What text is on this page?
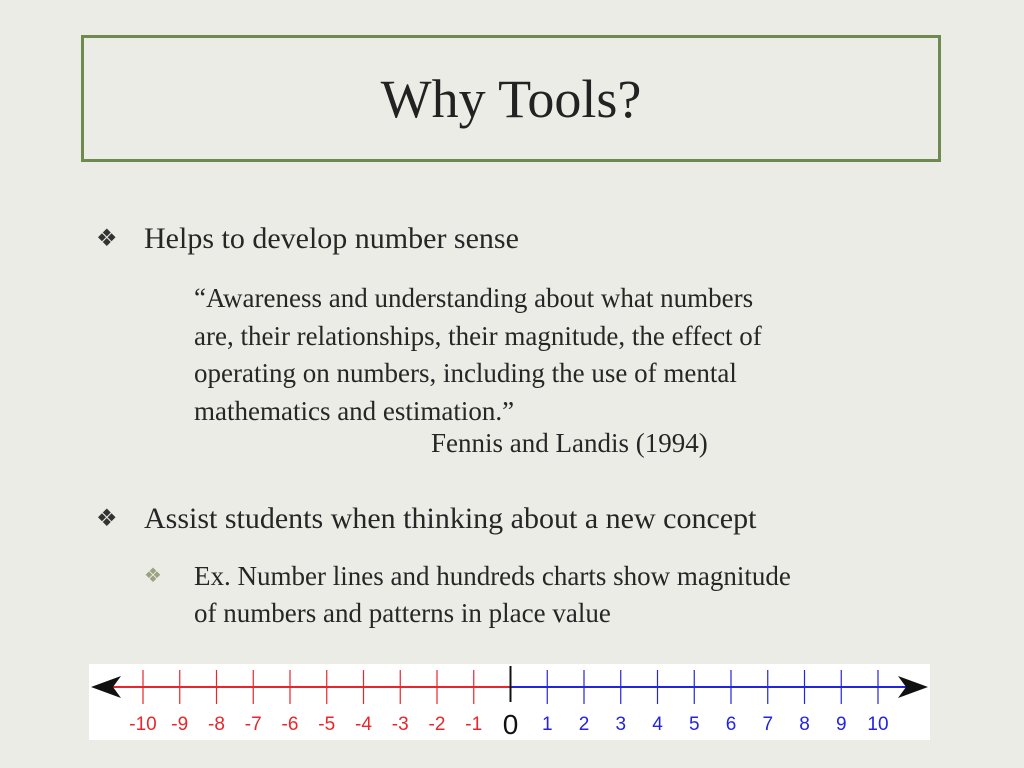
Why Tools?
❖ Helps to develop number sense

“Awareness and understanding about what numbers

are, their relationships, their magnitude, the effect of

operating on numbers, including the use of mental

mathematics and estimation.”

Fennis and Landis (1994)
❖ Assist students when thinking about a new concept
❖ Ex. Number lines and hundreds charts show magnitude
of numbers and patterns in place value
-10 -9 -8 -7 -6 -5 -4 -3 -2 -1 0 1 2 3 4 5 6 7 8 9 10
